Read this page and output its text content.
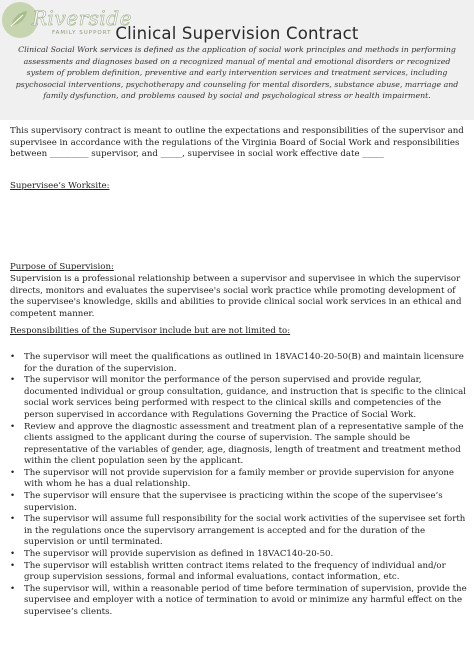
Riverside
FAMILY SUPPORT Clinical Supervision Contract
Clinical Social Work services is defined as the application of social work principles and methods in performing assessments and diagnoses based on a recognized manual of mental and emotional disorders or recognized system of problem definition, preventive and early intervention services and treatment services, including psychosocial interventions, psychotherapy and counseling for mental disorders, substance abuse, marriage and family dysfunction, and problems caused by social and psychological stress or health impairment.
This supervisory contract is meant to outline the expectations and responsibilities of the supervisor and supervisee in accordance with the regulations of the Virginia Board of Social Work and responsibilities between _________ supervisor, and _____, supervisee in social work effective date _____
Supervisee’s Worksite:
Purpose of Supervision:
Supervision is a professional relationship between a supervisor and supervisee in which the supervisor directs, monitors and evaluates the supervisee's social work practice while promoting development of the supervisee's knowledge, skills and abilities to provide clinical social work services in an ethical and competent manner.
Responsibilities of the Supervisor include but are not limited to:
• The supervisor will meet the qualifications as outlined in 18VAC140-20-50(B) and maintain licensure for the duration of the supervision.
• The supervisor will monitor the performance of the person supervised and provide regular, documented individual or group consultation, guidance, and instruction that is specific to the clinical social work services being performed with respect to the clinical skills and competencies of the person supervised in accordance with Regulations Governing the Practice of Social Work.
• Review and approve the diagnostic assessment and treatment plan of a representative sample of the clients assigned to the applicant during the course of supervision. The sample should be representative of the variables of gender, age, diagnosis, length of treatment and treatment method within the client population seen by the applicant.
• The supervisor will not provide supervision for a family member or provide supervision for anyone with whom he has a dual relationship.
• The supervisor will ensure that the supervisee is practicing within the scope of the supervisee’s supervision.
• The supervisor will assume full responsibility for the social work activities of the supervisee set forth in the regulations once the supervisory arrangement is accepted and for the duration of the supervision or until terminated.
• The supervisor will provide supervision as defined in 18VAC140-20-50.
• The supervisor will establish written contract items related to the frequency of individual and/or group supervision sessions, formal and informal evaluations, contact information, etc.
• The supervisor will, within a reasonable period of time before termination of supervision, provide the supervisee and employer with a notice of termination to avoid or minimize any harmful effect on the supervisee’s clients.
